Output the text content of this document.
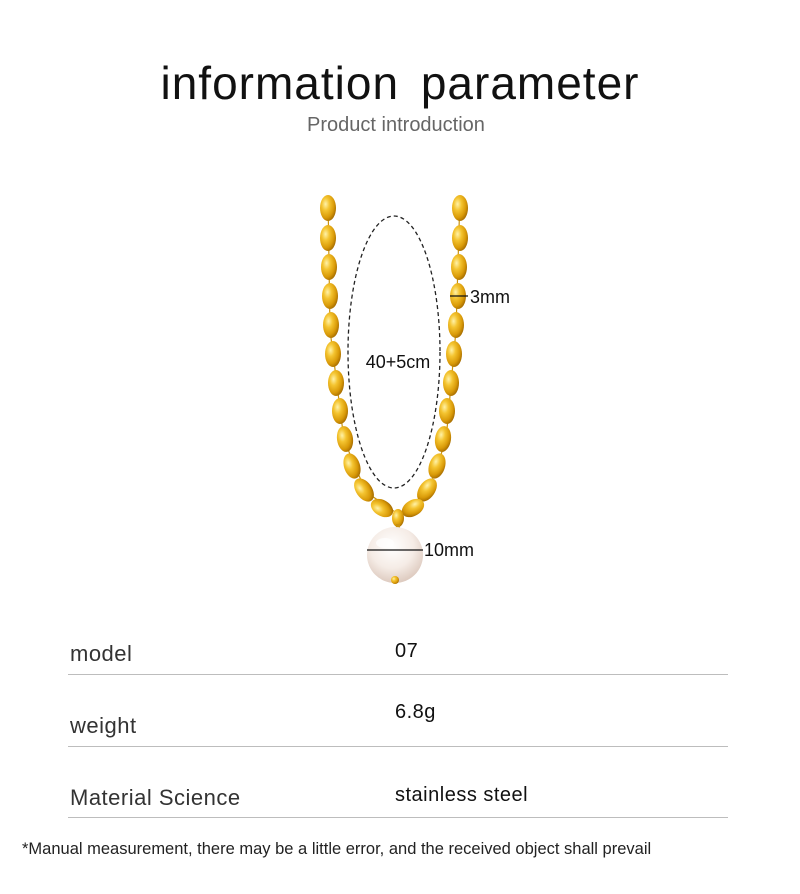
information parameter
Product introduction
40+5cm
3mm
10mm
model	07
weight
6.8g
Material Science	stainless steel
*Manual measurement, there may be a little error, and the received object shall prevail
